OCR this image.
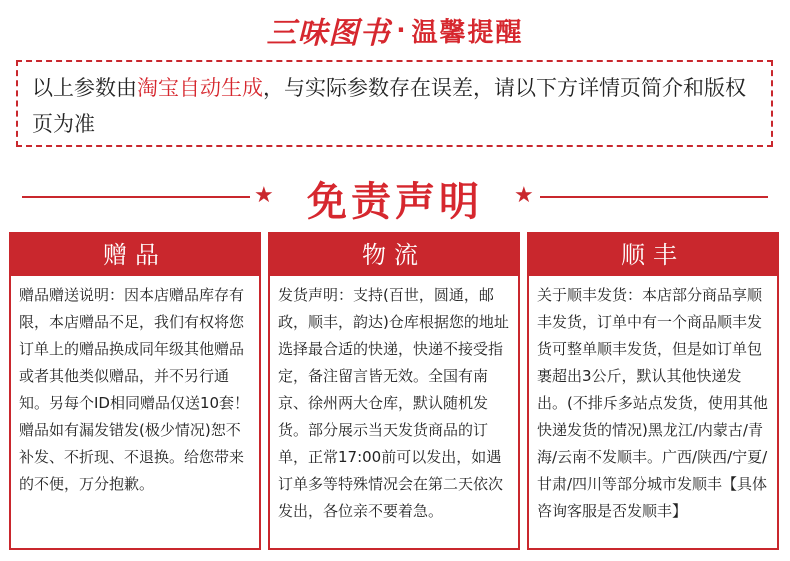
三味图书 · 温馨提醒
以上参数由淘宝自动生成，与实际参数存在误差，请以下方详情页简介和版权页为准
★ 免责声明	★
赠品
赠品赠送说明：因本店赠品库存有限，本店赠品不足，我们有权将您订单上的赠品换成同年级其他赠品或者其他类似赠品，并不另行通知。另每个ID相同赠品仅送10套！赠品如有漏发错发(极少情况)恕不补发、不折现、不退换。给您带来的不便，万分抱歉。
物流
发货声明：支持(百世，圆通，邮政，顺丰，韵达)仓库根据您的地址选择最合适的快递，快递不接受指定，备注留言皆无效。全国有南京、徐州两大仓库，默认随机发货。部分展示当天发货商品的订单，正常17:00前可以发出，如遇订单多等特殊情况会在第二天依次发出，各位亲不要着急。
顺丰
关于顺丰发货：本店部分商品享顺丰发货，订单中有一个商品顺丰发货可整单顺丰发货，但是如订单包裹超出3公斤，默认其他快递发出。(不排斥多站点发货，使用其他快递发货的情况)黑龙江/内蒙古/青海/云南不发顺丰。广西/陕西/宁夏/甘肃/四川等部分城市发顺丰【具体咨询客服是否发顺丰】
